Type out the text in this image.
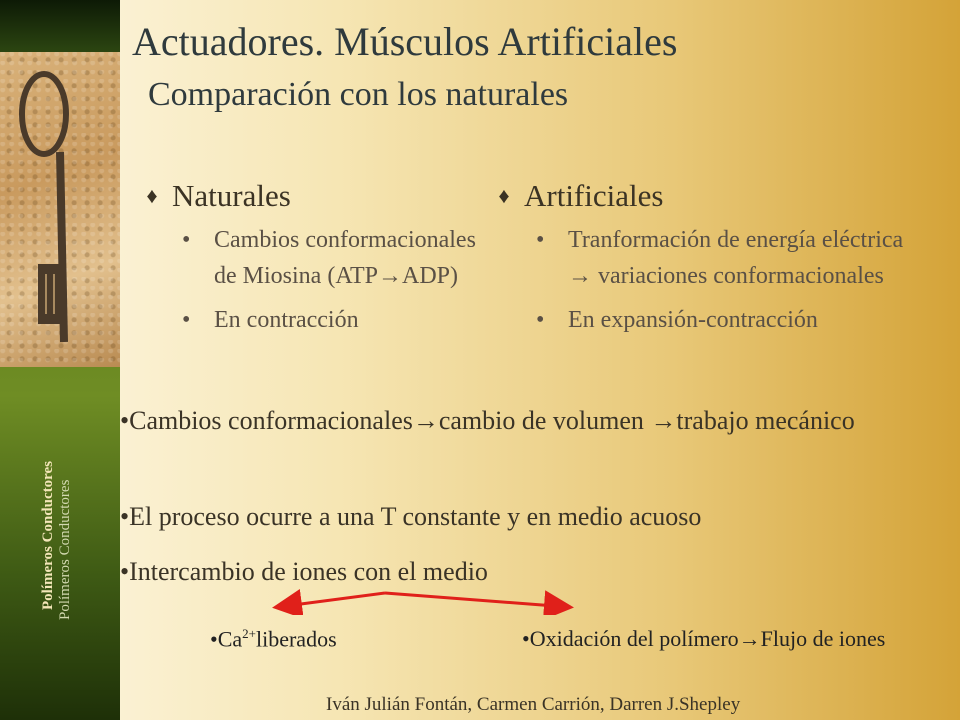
Polímeros Conductores Polímeros Conductores
Actuadores. Músculos Artificiales
Comparación con los naturales
♦ Naturales
• Cambios conformacionales de Miosina (ATP→ADP)
• En contracción
♦ Artificiales
• Tranformación de energía eléctrica → variaciones conformacionales
• En expansión-contracción
•Cambios conformacionales→cambio de volumen →trabajo mecánico
•El proceso ocurre a una T constante y en medio acuoso
•Intercambio de iones con el medio
$•Ca^{2+}liberados$	•Oxidación del polímero→Flujo de iones
Iván Julián Fontán, Carmen Carrión, Darren J.Shepley
